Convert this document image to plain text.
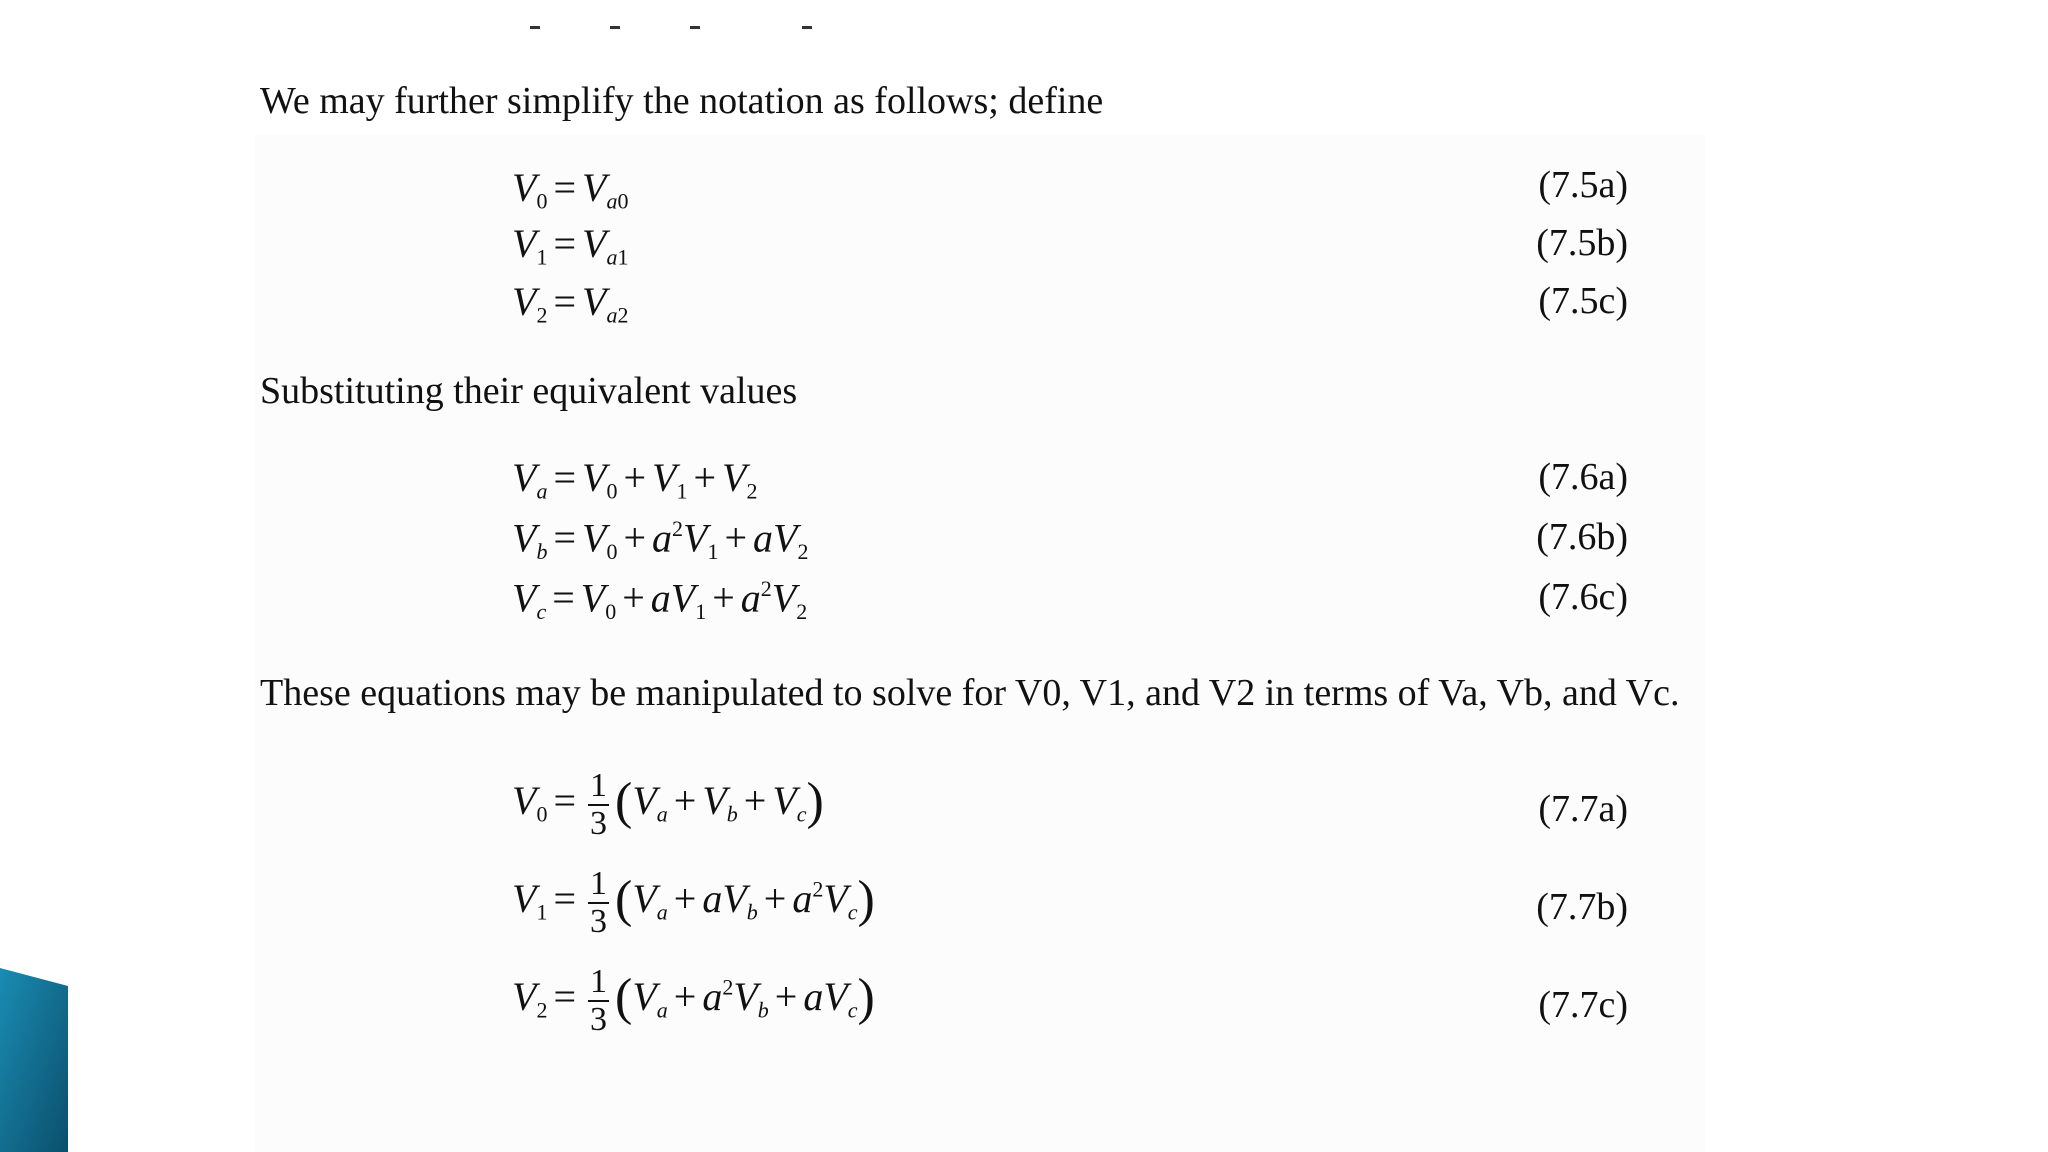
We may further simplify the notation as follows; define
$V_0 = Va_0$	(7.5a)
$V_1 = Va_1$	(7.5b)
$V_2 = Va_2$	(7.5c)
Substituting their equivalent values
$Va = V_0 + V_1 + V_2$	(7.6a)
$Vb = V_0 + a^2V_1 + aV_2$	(7.6b)
$Vc = V_0 + aV_1 + a^2V_2$	(7.6c)
These equations may be manipulated to solve for V0, V1, and V2 in terms of Va, Vb, and Vc.
$V_0 = \frac{1}{3} (Va + Vb + Vc)$	(7.7a)
$V_1 = \frac{1}{3} (Va$ + aVb + $a^2Vc$)	(7.7b)
$V_2 = \frac{1}{3} (Va + a^2Vb + aVc)$	(7.7c)
